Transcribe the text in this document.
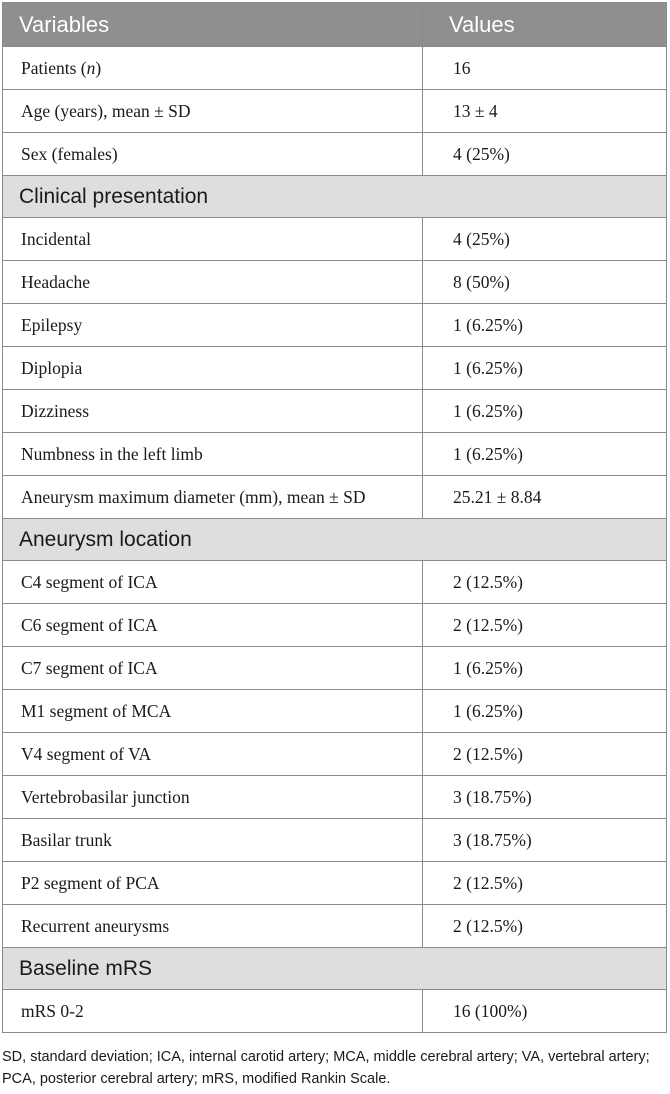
Variables	Values
Patients (n)	16
Age (years), mean ± SD	13 ± 4
Sex (females)	4 (25%)
Clinical presentation	
Incidental	4 (25%)
Headache	8 (50%)
Epilepsy	1 (6.25%)
Diplopia	1 (6.25%)
Dizziness	1 (6.25%)
Numbness in the left limb	1 (6.25%)
Aneurysm maximum diameter (mm), mean ± SD	25.21 ± 8.84
Aneurysm location	
C4 segment of ICA	2 (12.5%)
C6 segment of ICA	2 (12.5%)
C7 segment of ICA	1 (6.25%)
M1 segment of MCA	1 (6.25%)
V4 segment of VA	2 (12.5%)
Vertebrobasilar junction	3 (18.75%)
Basilar trunk	3 (18.75%)
P2 segment of PCA	2 (12.5%)
Recurrent aneurysms	2 (12.5%)
Baseline mRS	
mRS 0-2	16 (100%)
SD, standard deviation; ICA, internal carotid artery; MCA, middle cerebral artery; VA, vertebral artery; PCA, posterior cerebral artery; mRS, modified Rankin Scale.
